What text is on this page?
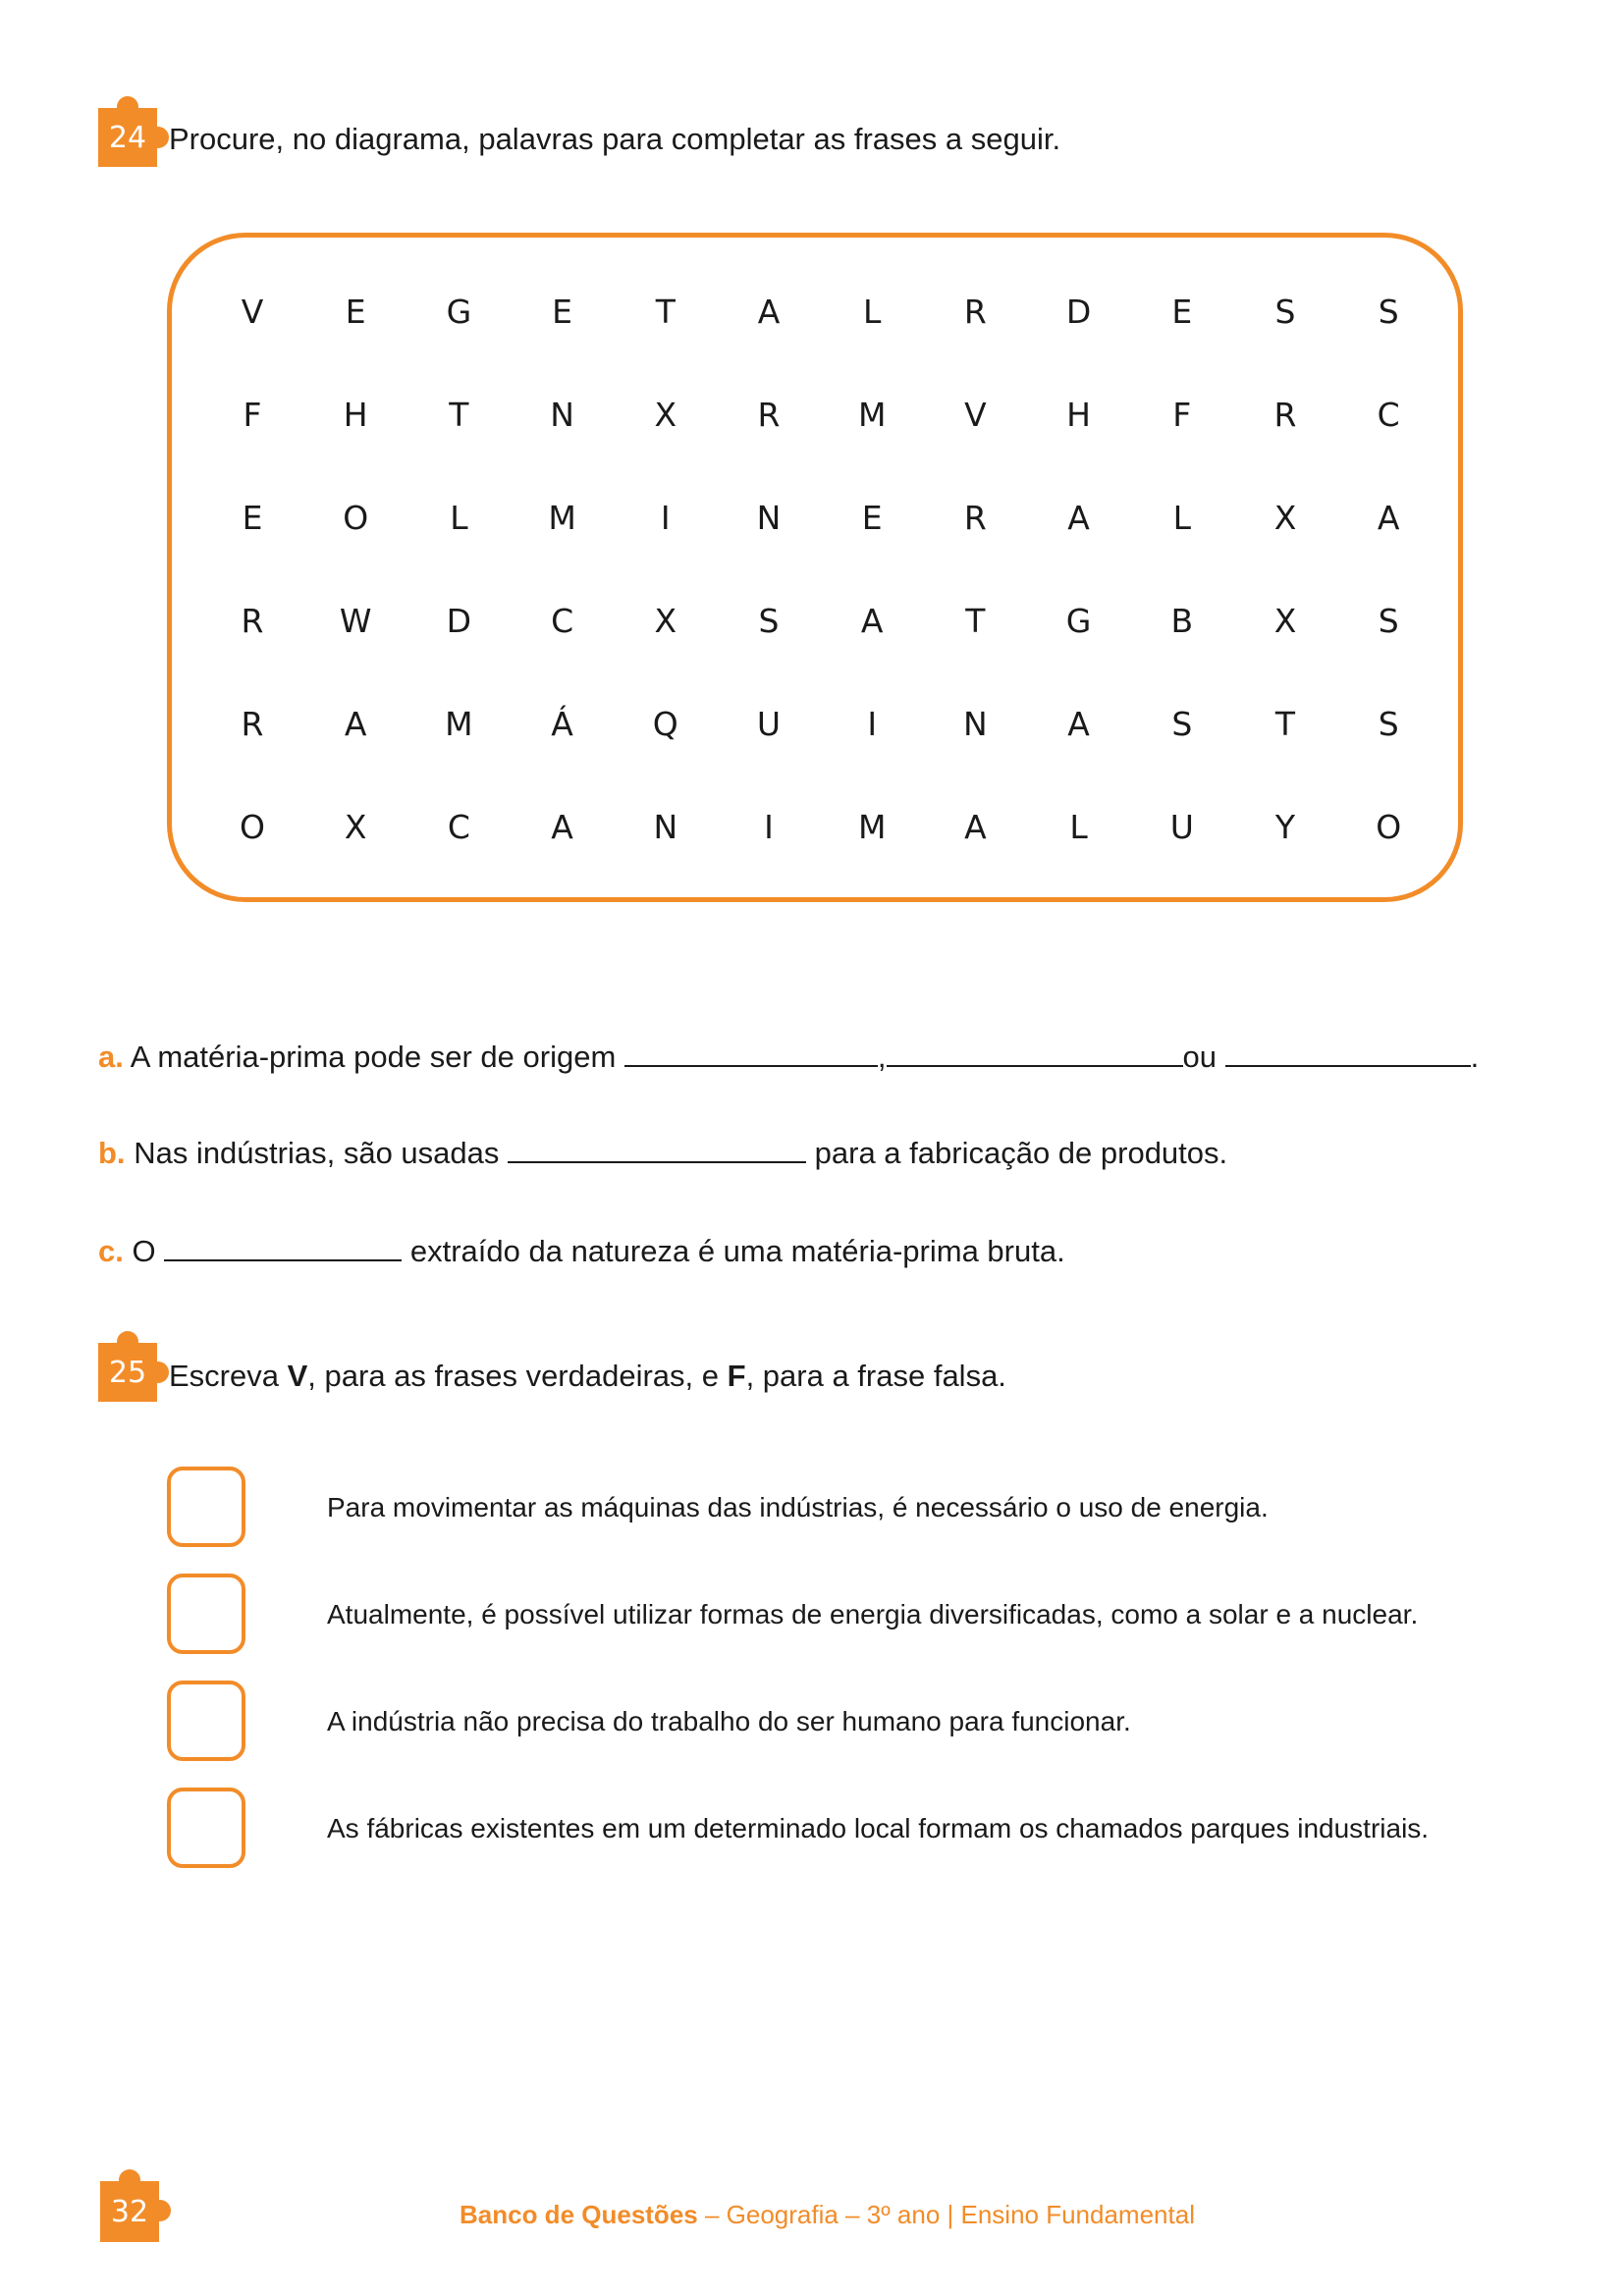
24 Procure, no diagrama, palavras para completar as frases a seguir.
V	E	G	E	T	A	L	R	D	E	S	S
F	H	T	N	X	R	M	V	H	F	R	C
E	O	L	M	I	N	E	R	A	L	X	A
R	W	D	C	X	S	A	T	G	B	X	S
R	A	M	Á	Q	U	I	N	A	S	T	S
O	X	C	A	N	I	M	A	L	U	Y	O
a. A matéria-prima pode ser de origem	,	ou	.
b. Nas indústrias, são usadas	para a fabricação de produtos.
c. O	extraído da natureza é uma matéria-prima bruta.
25 Escreva V, para as frases verdadeiras, e F, para a frase falsa.
Para movimentar as máquinas das indústrias, é necessário o uso de energia.
Atualmente, é possível utilizar formas de energia diversificadas, como a solar e a nuclear.
A indústria não precisa do trabalho do ser humano para funcionar.
As fábricas existentes em um determinado local formam os chamados parques industriais.
32	Banco de Questões – Geografia – 3º ano | Ensino Fundamental
